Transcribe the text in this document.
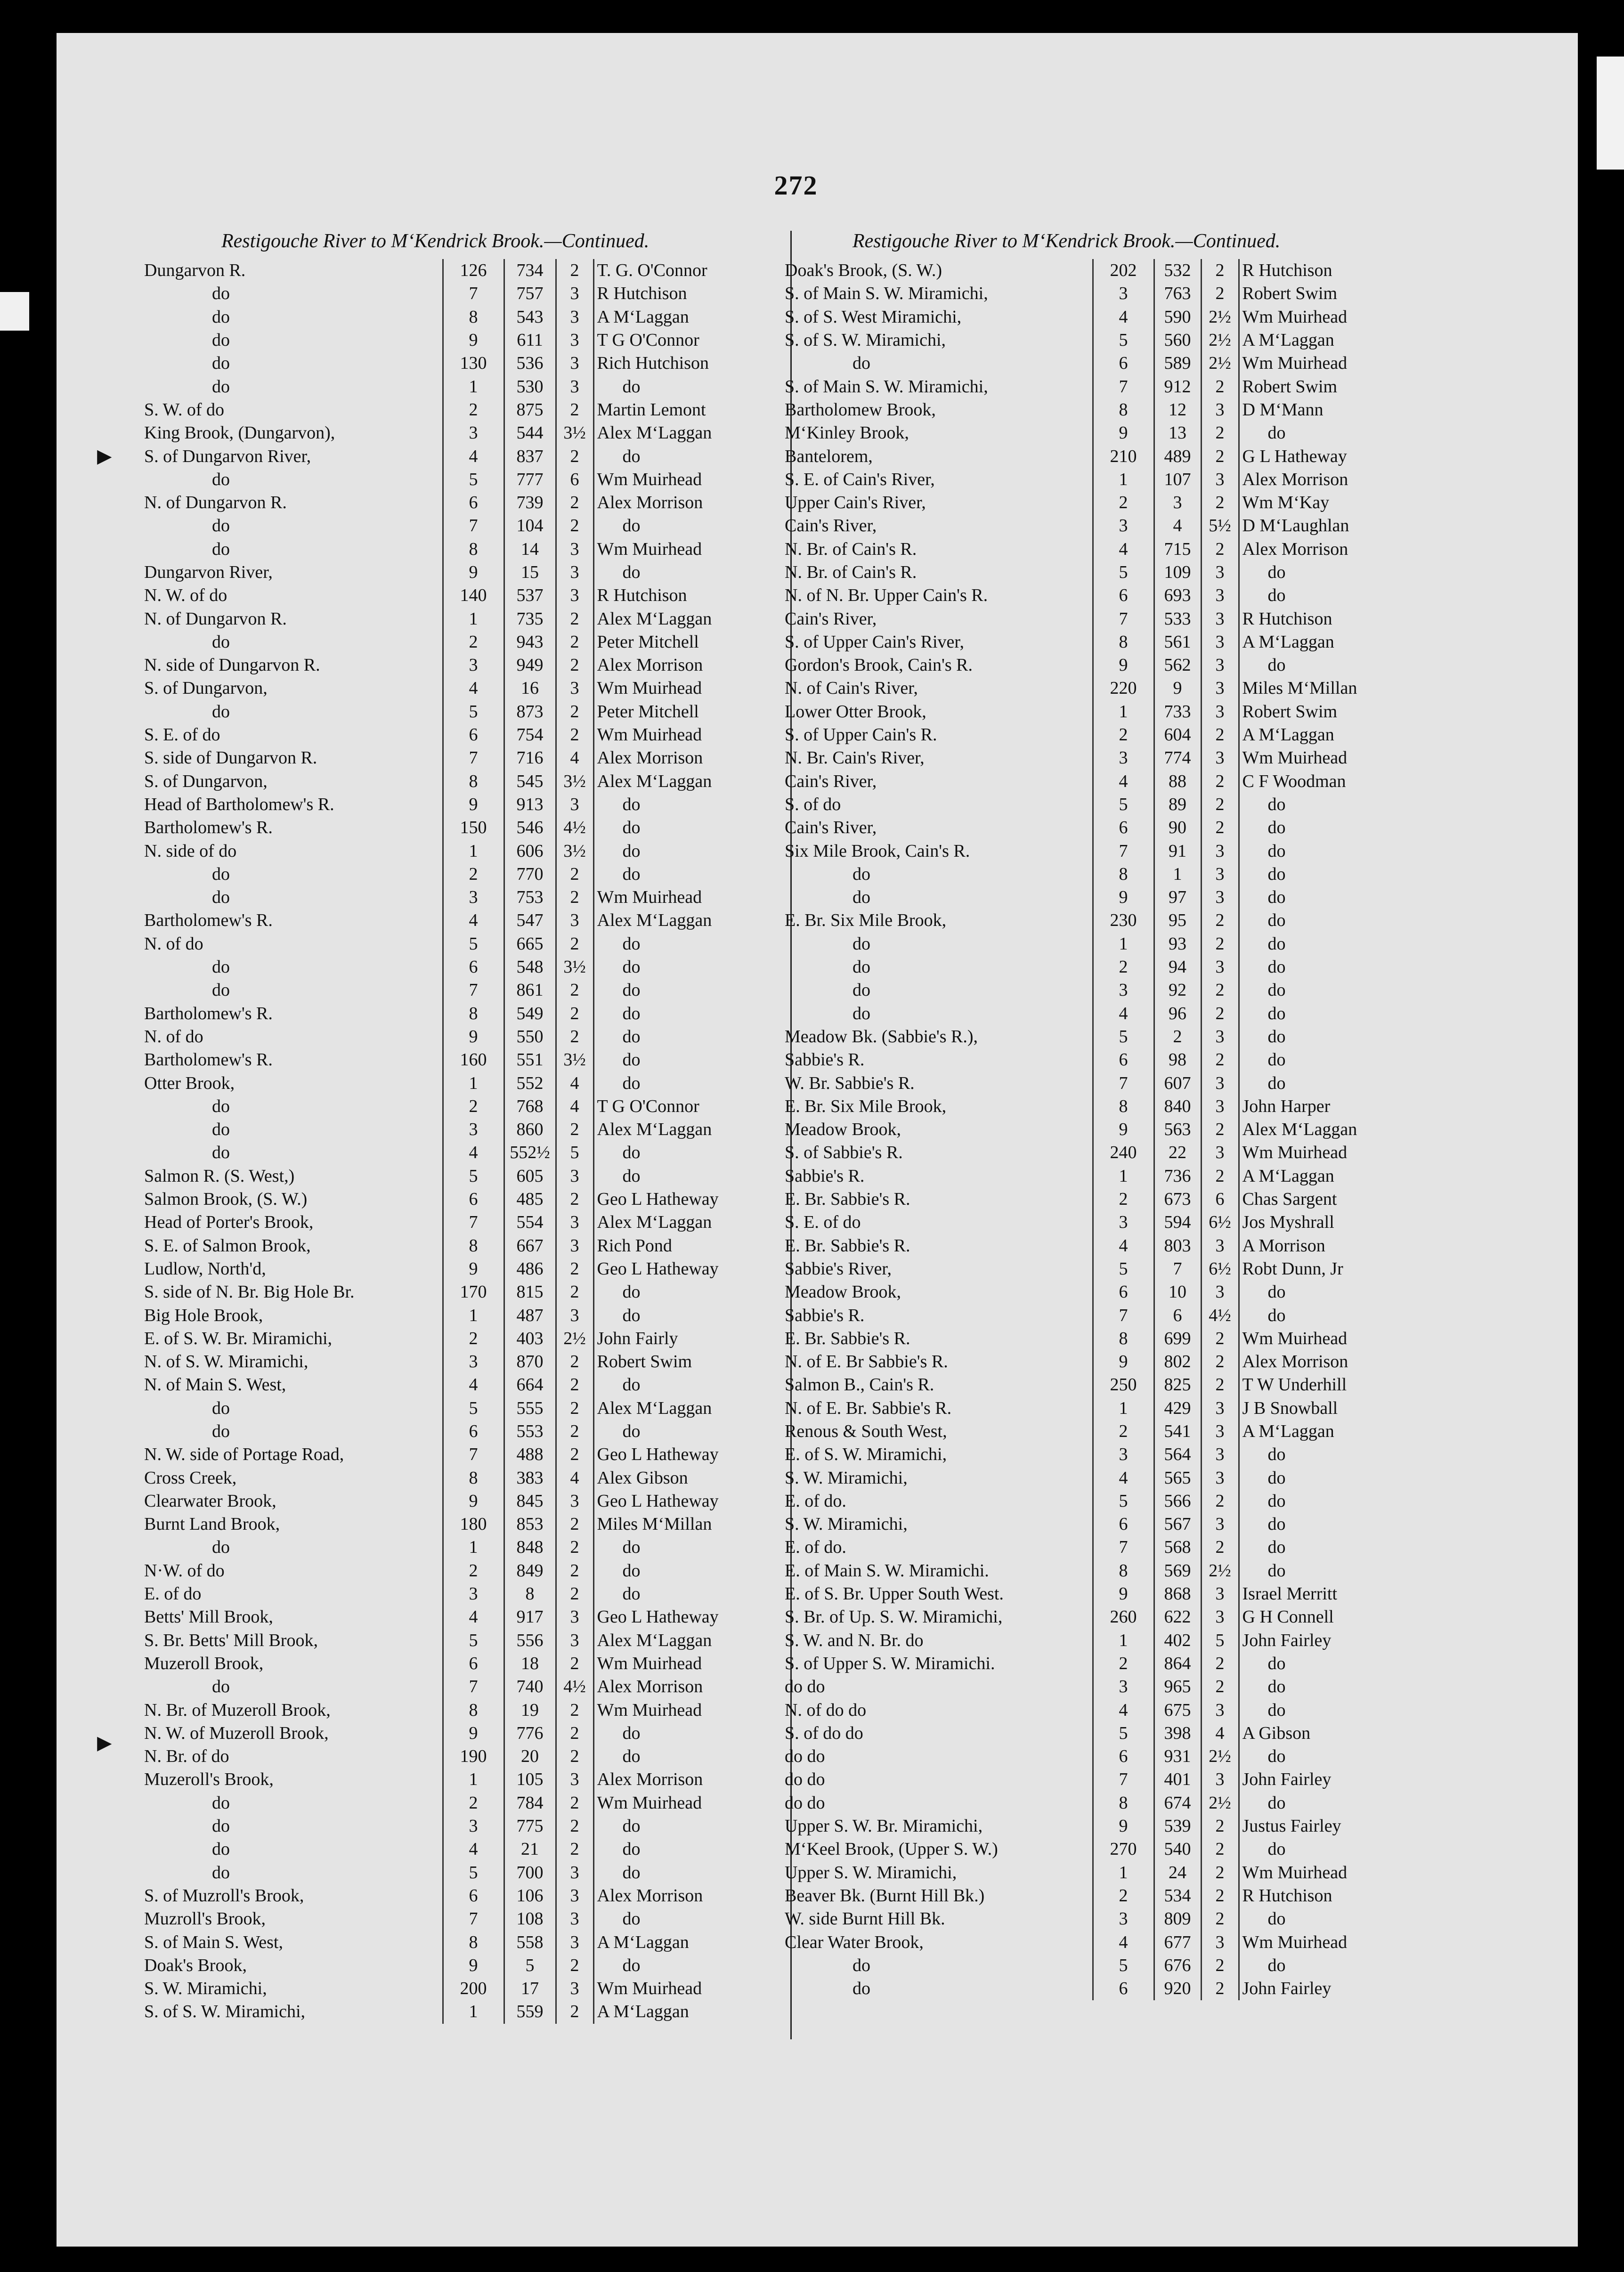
►
►
272
Restigouche River to M‘Kendrick Brook.—Continued.	Restigouche River to M‘Kendrick Brook.—Continued.
Dungarvon R.	126	734	2	T. G. O'Connor
do	7	757	3	R Hutchison
do	8	543	3	A M‘Laggan
do	9	611	3	T G O'Connor
do	130	536	3	Rich Hutchison
do	1	530	3	do
S. W. of do	2	875	2	Martin Lemont
King Brook, (Dungarvon),	3	544	3½	Alex M‘Laggan
S. of Dungarvon River,	4	837	2	do
do	5	777	6	Wm Muirhead
N. of Dungarvon R.	6	739	2	Alex Morrison
do	7	104	2	do
do	8	14	3	Wm Muirhead
Dungarvon River,	9	15	3	do
N. W. of do	140	537	3	R Hutchison
N. of Dungarvon R.	1	735	2	Alex M‘Laggan
do	2	943	2	Peter Mitchell
N. side of Dungarvon R.	3	949	2	Alex Morrison
S. of Dungarvon,	4	16	3	Wm Muirhead
do	5	873	2	Peter Mitchell
S. E. of do	6	754	2	Wm Muirhead
S. side of Dungarvon R.	7	716	4	Alex Morrison
S. of Dungarvon,	8	545	3½	Alex M‘Laggan
Head of Bartholomew's R.	9	913	3	do
Bartholomew's R.	150	546	4½	do
N. side of do	1	606	3½	do
do	2	770	2	do
do	3	753	2	Wm Muirhead
Bartholomew's R.	4	547	3	Alex M‘Laggan
N. of do	5	665	2	do
do	6	548	3½	do
do	7	861	2	do
Bartholomew's R.	8	549	2	do
N. of do	9	550	2	do
Bartholomew's R.	160	551	3½	do
Otter Brook,	1	552	4	do
do	2	768	4	T G O'Connor
do	3	860	2	Alex M‘Laggan
do	4	552½	5	do
Salmon R. (S. West,)	5	605	3	do
Salmon Brook, (S. W.)	6	485	2	Geo L Hatheway
Head of Porter's Brook,	7	554	3	Alex M‘Laggan
S. E. of Salmon Brook,	8	667	3	Rich Pond
Ludlow, North'd,	9	486	2	Geo L Hatheway
S. side of N. Br. Big Hole Br.	170	815	2	do
Big Hole Brook,	1	487	3	do
E. of S. W. Br. Miramichi,	2	403	2½	John Fairly
N. of S. W. Miramichi,	3	870	2	Robert Swim
N. of Main S. West,	4	664	2	do
do	5	555	2	Alex M‘Laggan
do	6	553	2	do
N. W. side of Portage Road,	7	488	2	Geo L Hatheway
Cross Creek,	8	383	4	Alex Gibson
Clearwater Brook,	9	845	3	Geo L Hatheway
Burnt Land Brook,	180	853	2	Miles M‘Millan
do	1	848	2	do
N·W. of do	2	849	2	do
E. of do	3	8	2	do
Betts' Mill Brook,	4	917	3	Geo L Hatheway
S. Br. Betts' Mill Brook,	5	556	3	Alex M‘Laggan
Muzeroll Brook,	6	18	2	Wm Muirhead
do	7	740	4½	Alex Morrison
N. Br. of Muzeroll Brook,	8	19	2	Wm Muirhead
N. W. of Muzeroll Brook,	9	776	2	do
N. Br. of do	190	20	2	do
Muzeroll's Brook,	1	105	3	Alex Morrison
do	2	784	2	Wm Muirhead
do	3	775	2	do
do	4	21	2	do
do	5	700	3	do
S. of Muzroll's Brook,	6	106	3	Alex Morrison
Muzroll's Brook,	7	108	3	do
S. of Main S. West,	8	558	3	A M‘Laggan
Doak's Brook,	9	5	2	do
S. W. Miramichi,	200	17	3	Wm Muirhead
S. of S. W. Miramichi,	1	559	2	A M‘Laggan
Doak's Brook, (S. W.)	202	532	2	R Hutchison
S. of Main S. W. Miramichi,	3	763	2	Robert Swim
S. of S. West Miramichi,	4	590	2½	Wm Muirhead
S. of S. W. Miramichi,	5	560	2½	A M‘Laggan
do	6	589	2½	Wm Muirhead
S. of Main S. W. Miramichi,	7	912	2	Robert Swim
Bartholomew Brook,	8	12	3	D M‘Mann
M‘Kinley Brook,	9	13	2	do
Bantelorem,	210	489	2	G L Hatheway
S. E. of Cain's River,	1	107	3	Alex Morrison
Upper Cain's River,	2	3	2	Wm M‘Kay
Cain's River,	3	4	5½	D M‘Laughlan
N. Br. of Cain's R.	4	715	2	Alex Morrison
N. Br. of Cain's R.	5	109	3	do
N. of N. Br. Upper Cain's R.	6	693	3	do
Cain's River,	7	533	3	R Hutchison
S. of Upper Cain's River,	8	561	3	A M‘Laggan
Gordon's Brook, Cain's R.	9	562	3	do
N. of Cain's River,	220	9	3	Miles M‘Millan
Lower Otter Brook,	1	733	3	Robert Swim
S. of Upper Cain's R.	2	604	2	A M‘Laggan
N. Br. Cain's River,	3	774	3	Wm Muirhead
Cain's River,	4	88	2	C F Woodman
S. of do	5	89	2	do
Cain's River,	6	90	2	do
Six Mile Brook, Cain's R.	7	91	3	do
do	8	1	3	do
do	9	97	3	do
E. Br. Six Mile Brook,	230	95	2	do
do	1	93	2	do
do	2	94	3	do
do	3	92	2	do
do	4	96	2	do
Meadow Bk. (Sabbie's R.),	5	2	3	do
Sabbie's R.	6	98	2	do
W. Br. Sabbie's R.	7	607	3	do
E. Br. Six Mile Brook,	8	840	3	John Harper
Meadow Brook,	9	563	2	Alex M‘Laggan
S. of Sabbie's R.	240	22	3	Wm Muirhead
Sabbie's R.	1	736	2	A M‘Laggan
E. Br. Sabbie's R.	2	673	6	Chas Sargent
S. E. of do	3	594	6½	Jos Myshrall
E. Br. Sabbie's R.	4	803	3	A Morrison
Sabbie's River,	5	7	6½	Robt Dunn, Jr
Meadow Brook,	6	10	3	do
Sabbie's R.	7	6	4½	do
E. Br. Sabbie's R.	8	699	2	Wm Muirhead
N. of E. Br Sabbie's R.	9	802	2	Alex Morrison
Salmon B., Cain's R.	250	825	2	T W Underhill
N. of E. Br. Sabbie's R.	1	429	3	J B Snowball
Renous & South West,	2	541	3	A M‘Laggan
E. of S. W. Miramichi,	3	564	3	do
S. W. Miramichi,	4	565	3	do
E. of do.	5	566	2	do
S. W. Miramichi,	6	567	3	do
E. of do.	7	568	2	do
E. of Main S. W. Miramichi.	8	569	2½	do
E. of S. Br. Upper South West.	9	868	3	Israel Merritt
S. Br. of Up. S. W. Miramichi,	260	622	3	G H Connell
S. W. and N. Br. do	1	402	5	John Fairley
S. of Upper S. W. Miramichi.	2	864	2	do
do do	3	965	2	do
N. of do do	4	675	3	do
S. of do do	5	398	4	A Gibson
do do	6	931	2½	do
do do	7	401	3	John Fairley
do do	8	674	2½	do
Upper S. W. Br. Miramichi,	9	539	2	Justus Fairley
M‘Keel Brook, (Upper S. W.)	270	540	2	do
Upper S. W. Miramichi,	1	24	2	Wm Muirhead
Beaver Bk. (Burnt Hill Bk.)	2	534	2	R Hutchison
W. side Burnt Hill Bk.	3	809	2	do
Clear Water Brook,	4	677	3	Wm Muirhead
do	5	676	2	do
do	6	920	2	John Fairley
